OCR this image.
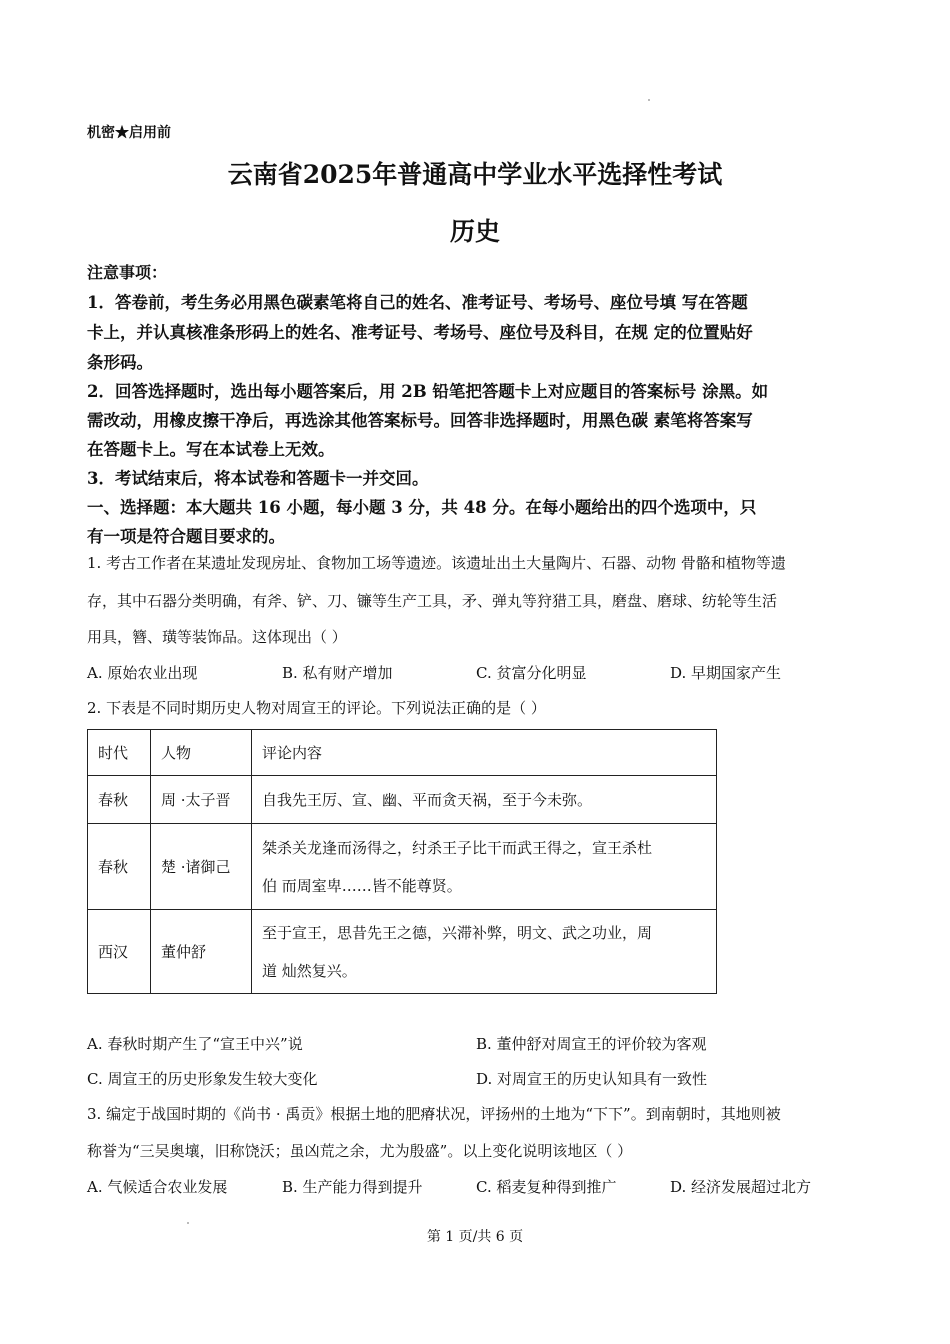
机密★启用前
云南省2025年普通高中学业水平选择性考试
历史
注意事项：
1．答卷前，考生务必用黑色碳素笔将自己的姓名、准考证号、考场号、座位号填 写在答题
卡上，并认真核准条形码上的姓名、准考证号、考场号、座位号及科目，在规 定的位置贴好
条形码。
2．回答选择题时，选出每小题答案后，用 2B 铅笔把答题卡上对应题目的答案标号 涂黑。如
需改动，用橡皮擦干净后，再选涂其他答案标号。回答非选择题时，用黑色碳 素笔将答案写
在答题卡上。写在本试卷上无效。
3．考试结束后，将本试卷和答题卡一并交回。
一、选择题：本大题共 16 小题，每小题 3 分，共 48 分。在每小题给出的四个选项中，只
有一项是符合题目要求的。
1. 考古工作者在某遗址发现房址、食物加工场等遗迹。该遗址出土大量陶片、石器、动物 骨骼和植物等遗
存，其中石器分类明确，有斧、铲、刀、镰等生产工具，矛、弹丸等狩猎工具，磨盘、磨球、纺轮等生活
用具，簪、璜等装饰品。这体现出（ ）
A. 原始农业出现	B. 私有财产增加	C. 贫富分化明显	D. 早期国家产生
2. 下表是不同时期历史人物对周宣王的评论。下列说法正确的是（ ）
时代	人物	评论内容
春秋	周 ·太子晋	自我先王厉、宣、幽、平而贪天祸，至于今未弥。
春秋	楚 ·诸御己	桀杀关龙逢而汤得之，纣杀王子比干而武王得之，宣王杀杜
伯 而周室卑……皆不能尊贤。

西汉	董仲舒	至于宣王，思昔先王之德，兴滞补弊，明文、武之功业，周
道 灿然复兴。
A. 春秋时期产生了“宣王中兴”说	B. 董仲舒对周宣王的评价较为客观
C. 周宣王的历史形象发生较大变化	D. 对周宣王的历史认知具有一致性
3. 编定于战国时期的《尚书 · 禹贡》根据土地的肥瘠状况，评扬州的土地为“下下”。到南朝时，其地则被
称誉为“三吴奥壤，旧称饶沃；虽凶荒之余，尤为殷盛”。以上变化说明该地区（ ）
A. 气候适合农业发展	B. 生产能力得到提升	C. 稻麦复种得到推广	D. 经济发展超过北方
第 1 页/共 6 页
